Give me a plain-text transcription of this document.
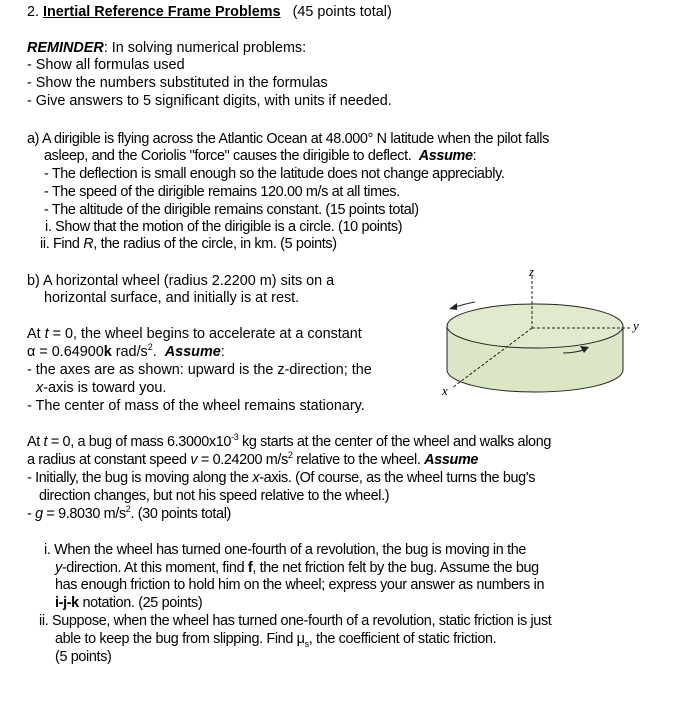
2. Inertial Reference Frame Problems (45 points total)
REMINDER: In solving numerical problems:
- Show all formulas used
- Show the numbers substituted in the formulas
- Give answers to 5 significant digits, with units if needed.
a) A dirigible is flying across the Atlantic Ocean at 48.000° N latitude when the pilot falls
asleep, and the Coriolis "force" causes the dirigible to deflect. Assume:
- The deflection is small enough so the latitude does not change appreciably.
- The speed of the dirigible remains 120.00 m/s at all times.
- The altitude of the dirigible remains constant. (15 points total)
i. Show that the motion of the dirigible is a circle. (10 points)
ii. Find R, the radius of the circle, in km. (5 points)
b) A horizontal wheel (radius 2.2200 m) sits on a
horizontal surface, and initially is at rest.
At t = 0, the wheel begins to accelerate at a constant
α = 0.64900k rad/$s^2$.  Assume:
- the axes are as shown: upward is the z-direction; the
x-axis is toward you.
- The center of mass of the wheel remains stationary.
z
y
x
At t = 0, a bug of mass $6.3000x10^{-3}$ kg starts at the center of the wheel and walks along
a radius at constant speed v = 0.24200 $m/s^2$ relative to the wheel. Assume
- Initially, the bug is moving along the x-axis. (Of course, as the wheel turns the bug's
direction changes, but not his speed relative to the wheel.)
- g = 9.8030 $m/s^2$. (30 points total)
i. When the wheel has turned one-fourth of a revolution, the bug is moving in the
y-direction. At this moment, find f, the net friction felt by the bug. Assume the bug
has enough friction to hold him on the wheel; express your answer as numbers in
i-j-k notation. (25 points)
ii. Suppose, when the wheel has turned one-fourth of a revolution, static friction is just
able to keep the bug from slipping. Find $\mu_s$, the coefficient of static friction.
(5 points)
